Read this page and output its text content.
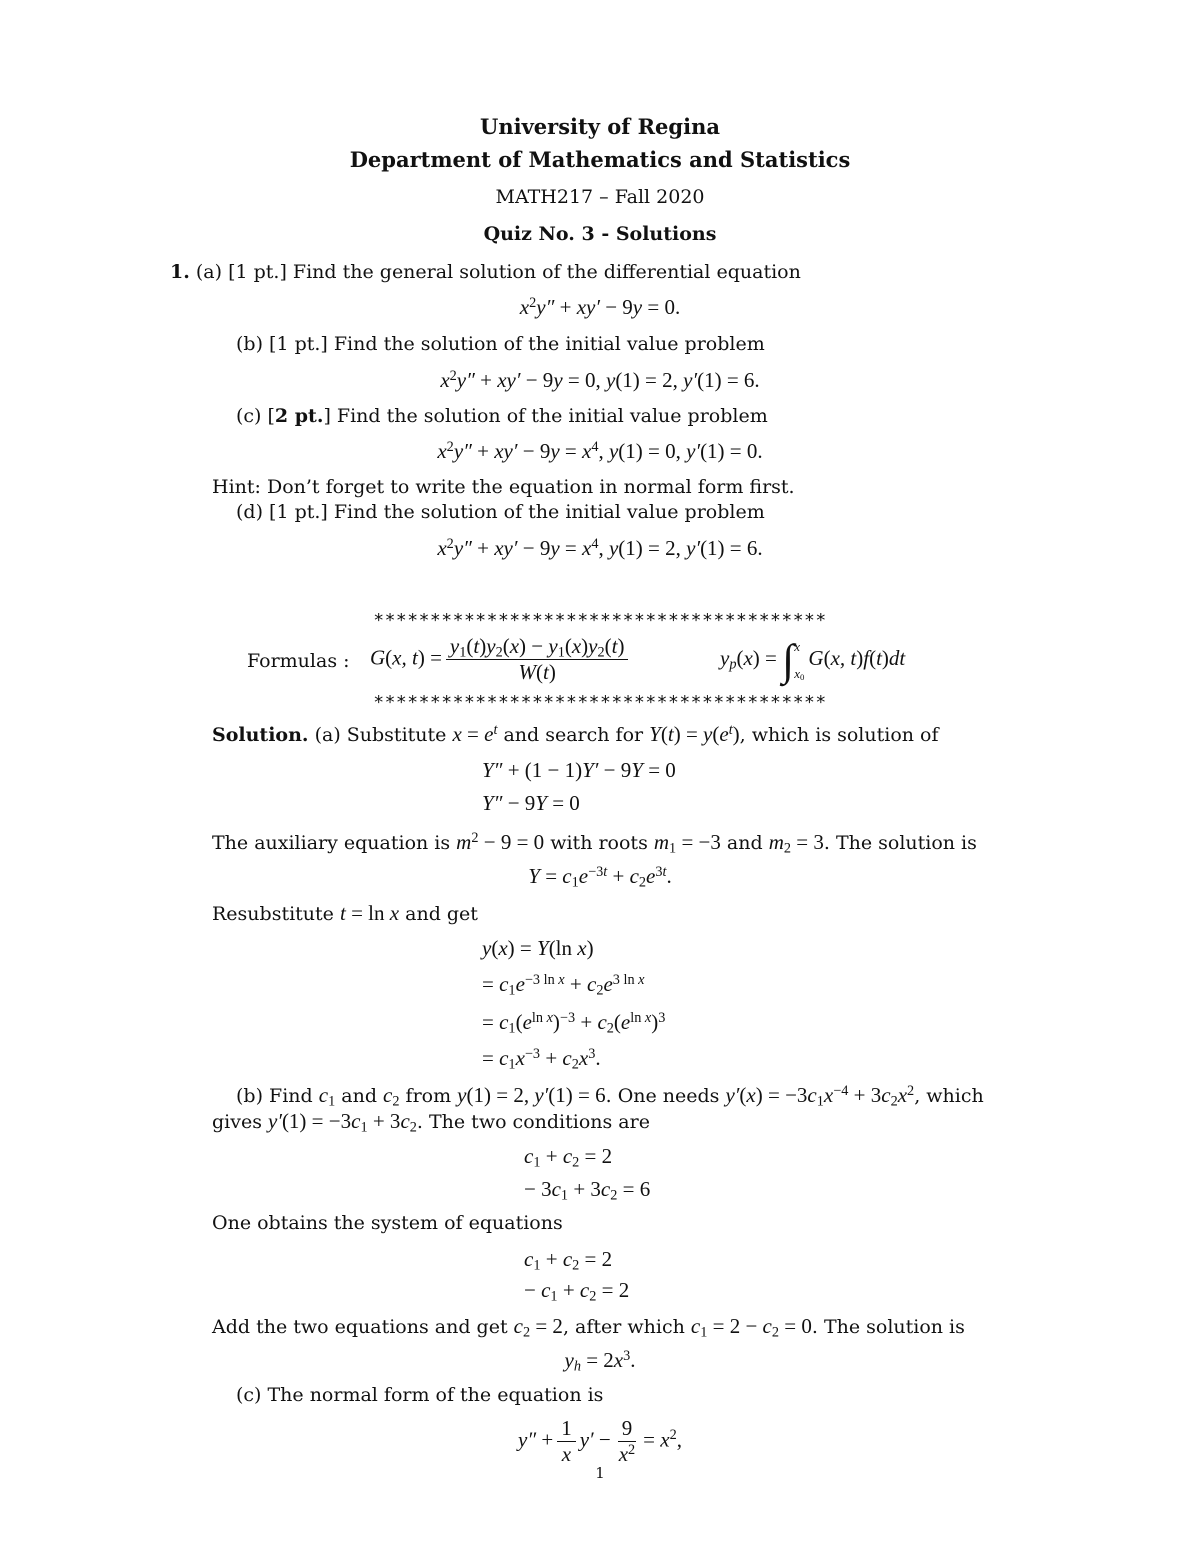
University of Regina
Department of Mathematics and Statistics
MATH217 – Fall 2020
Quiz No. 3 - Solutions
1. (a) [1 pt.] Find the general solution of the differential equation
$x^2y'' + xy' - 9y = 0$.
(b) [1 pt.] Find the solution of the initial value problem
$x^2y'' + xy' - 9y = 0$, y(1) = 2, y′(1) = 6.
(c) [2 pt.] Find the solution of the initial value problem
$x^2y'' + xy' - 9y = x^4$, y(1) = 0, y′(1) = 0.
Hint: Don’t forget to write the equation in normal form first.
(d) [1 pt.] Find the solution of the initial value problem
$x^2y'' + xy' - 9y = x^4$, y(1) = 2, y′(1) = 6.
****************************************
Formulas : G(x, $t) = \frac{y_1(t)y_2(x) - y_1(x)y_2(t)}{W(t)}$	$y_p(x)$ = ∫ x
$x_0$
G(x, t)f(t)dt
****************************************
Solution. (a) Substitute $x = e^t$ and search for $Y(t) = y(e^t)$, which is solution of
Y″ + (1 − 1)Y′ − 9Y = 0
Y″ − 9Y = 0
The auxiliary equation is $m^2 - 9 = 0$ with roots $m_1 = -3$ and $m_2 = 3$. The solution is
$Y = c_1e^{-3t} + c_2e^{3t}$.
Resubstitute t = ln x and get
y(x) = Y(ln x)
= $c_1e^{-3 ln x} + c_2e^{3 ln x}$
= $c_1(e^{ln x})^{-3} + c_2(e^{ln x})^3$
= $c_1x^{-3} + c_2x^3$.
(b) Find $c_1$ and $c_2$ from y(1) = 2, y′(1) = 6. One needs $y'(x) = -3c_1x^{-4} + 3c_2x^2$, which
gives $y'(1) = -3c_1 + 3c_2$. The two conditions are
$c_1 + c_2 = 2$
− $3c_1 + 3c_2 = 6$
One obtains the system of equations
$c_1 + c_2 = 2$
− $c_1 + c_2 = 2$
Add the two equations and get $c_2 = 2$, after which $c_1 = 2 - c_2 = 0$. The solution is
$y_h = 2x^3$.
(c) The normal form of the equation is
$y'' + \frac{1}{x} y' - \frac{9}{x^2} = x^2$,
1
